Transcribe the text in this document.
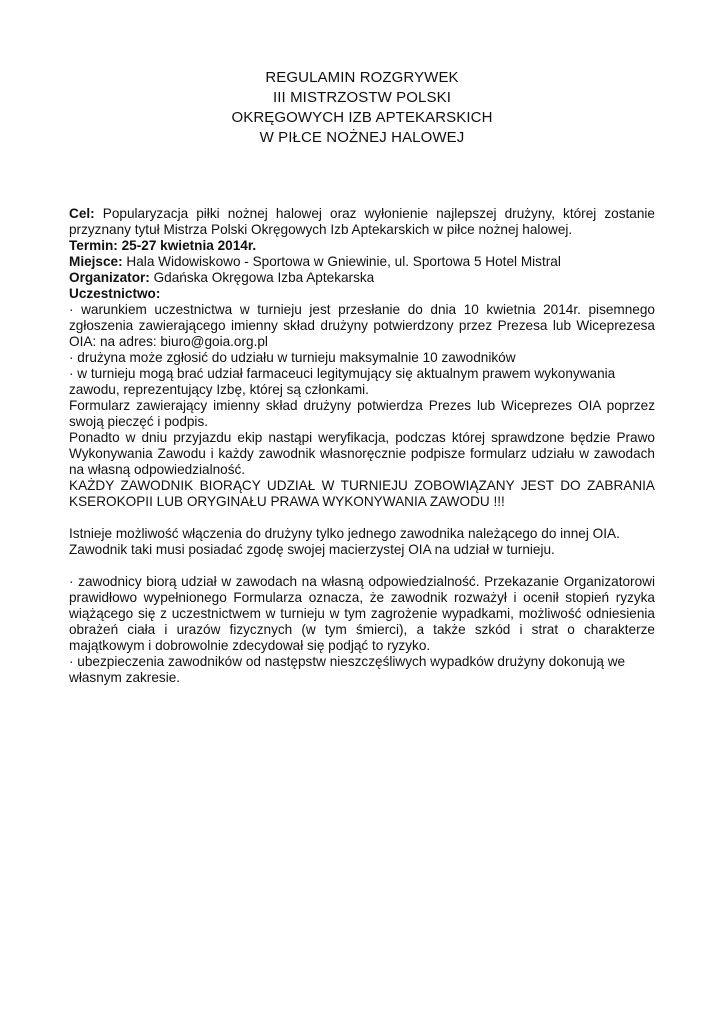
REGULAMIN ROZGRYWEK
III MISTRZOSTW POLSKI
OKRĘGOWYCH IZB APTEKARSKICH
W PIŁCE NOŻNEJ HALOWEJ

Cel: Popularyzacja piłki nożnej halowej oraz wyłonienie najlepszej drużyny, której zostanie przyznany tytuł Mistrza Polski Okręgowych Izb Aptekarskich w piłce nożnej halowej.

Termin: 25-27 kwietnia 2014r.

Miejsce: Hala Widowiskowo - Sportowa w Gniewinie, ul. Sportowa 5 Hotel Mistral

Organizator: Gdańska Okręgowa Izba Aptekarska

Uczestnictwo:

· warunkiem uczestnictwa w turnieju jest przesłanie do dnia 10 kwietnia 2014r. pisemnego zgłoszenia zawierającego imienny skład drużyny potwierdzony przez Prezesa lub Wiceprezesa OIA: na adres: biuro@goia.org.pl

· drużyna może zgłosić do udziału w turnieju maksymalnie 10 zawodników

· w turnieju mogą brać udział farmaceuci legitymujący się aktualnym prawem wykonywania zawodu, reprezentujący Izbę, której są członkami.

Formularz zawierający imienny skład drużyny potwierdza Prezes lub Wiceprezes OIA poprzez swoją pieczęć i podpis.

Ponadto w dniu przyjazdu ekip nastąpi weryfikacja, podczas której sprawdzone będzie Prawo Wykonywania Zawodu i każdy zawodnik własnoręcznie podpisze formularz udziału w zawodach na własną odpowiedzialność.

KAŻDY ZAWODNIK BIORĄCY UDZIAŁ W TURNIEJU ZOBOWIĄZANY JEST DO ZABRANIA KSEROKOPII LUB ORYGINAŁU PRAWA WYKONYWANIA ZAWODU !!!

Istnieje możliwość włączenia do drużyny tylko jednego zawodnika należącego do innej OIA.

Zawodnik taki musi posiadać zgodę swojej macierzystej OIA na udział w turnieju.

· zawodnicy biorą udział w zawodach na własną odpowiedzialność. Przekazanie Organizatorowi prawidłowo wypełnionego Formularza oznacza, że zawodnik rozważył i ocenił stopień ryzyka wiążącego się z uczestnictwem w turnieju w tym zagrożenie wypadkami, możliwość odniesienia obrażeń ciała i urazów fizycznych (w tym śmierci), a także szkód i strat o charakterze majątkowym i dobrowolnie zdecydował się podjąć to ryzyko.

· ubezpieczenia zawodników od następstw nieszczęśliwych wypadków drużyny dokonują we własnym zakresie.
